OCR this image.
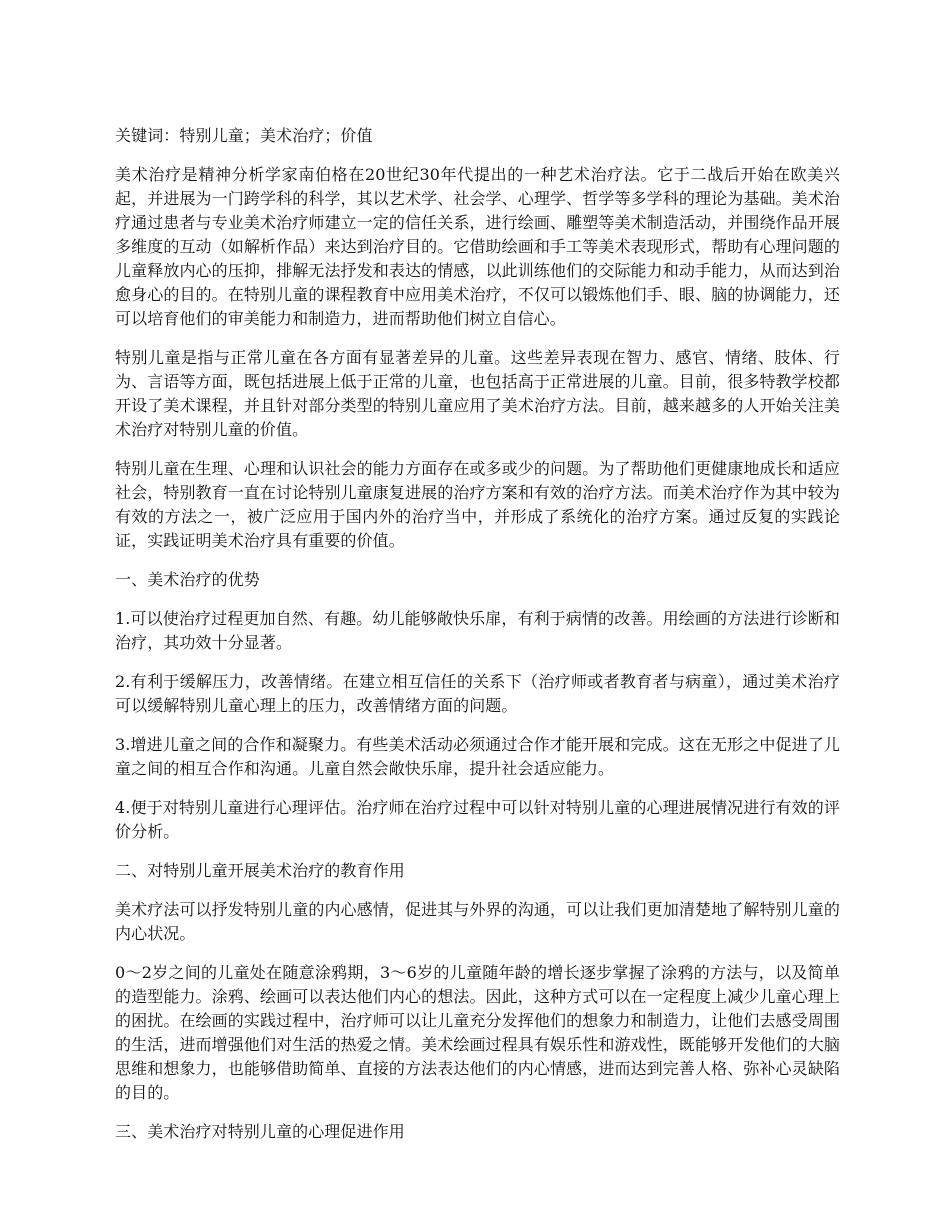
关键词：特别儿童；美术治疗；价值

美术治疗是精神分析学家南伯格在20世纪30年代提出的一种艺术治疗法。它于二战后开始在欧美兴起，并进展为一门跨学科的科学，其以艺术学、社会学、心理学、哲学等多学科的理论为基础。美术治疗通过患者与专业美术治疗师建立一定的信任关系，进行绘画、雕塑等美术制造活动，并围绕作品开展多维度的互动（如解析作品）来达到治疗目的。它借助绘画和手工等美术表现形式，帮助有心理问题的儿童释放内心的压抑，排解无法抒发和表达的情感，以此训练他们的交际能力和动手能力，从而达到治愈身心的目的。在特别儿童的课程教育中应用美术治疗，不仅可以锻炼他们手、眼、脑的协调能力，还可以培育他们的审美能力和制造力，进而帮助他们树立自信心。

特别儿童是指与正常儿童在各方面有显著差异的儿童。这些差异表现在智力、感官、情绪、肢体、行为、言语等方面，既包括进展上低于正常的儿童，也包括高于正常进展的儿童。目前，很多特教学校都开设了美术课程，并且针对部分类型的特别儿童应用了美术治疗方法。目前，越来越多的人开始关注美术治疗对特别儿童的价值。

特别儿童在生理、心理和认识社会的能力方面存在或多或少的问题。为了帮助他们更健康地成长和适应社会，特别教育一直在讨论特别儿童康复进展的治疗方案和有效的治疗方法。而美术治疗作为其中较为有效的方法之一，被广泛应用于国内外的治疗当中，并形成了系统化的治疗方案。通过反复的实践论证，实践证明美术治疗具有重要的价值。

一、美术治疗的优势

1.可以使治疗过程更加自然、有趣。幼儿能够敞快乐扉，有利于病情的改善。用绘画的方法进行诊断和治疗，其功效十分显著。

2.有利于缓解压力，改善情绪。在建立相互信任的关系下（治疗师或者教育者与病童），通过美术治疗可以缓解特别儿童心理上的压力，改善情绪方面的问题。

3.增进儿童之间的合作和凝聚力。有些美术活动必须通过合作才能开展和完成。这在无形之中促进了儿童之间的相互合作和沟通。儿童自然会敞快乐扉，提升社会适应能力。

4.便于对特别儿童进行心理评估。治疗师在治疗过程中可以针对特别儿童的心理进展情况进行有效的评价分析。

二、对特别儿童开展美术治疗的教育作用

美术疗法可以抒发特别儿童的内心感情，促进其与外界的沟通，可以让我们更加清楚地了解特别儿童的内心状况。

0～2岁之间的儿童处在随意涂鸦期，3～6岁的儿童随年龄的增长逐步掌握了涂鸦的方法与，以及简单的造型能力。涂鸦、绘画可以表达他们内心的想法。因此，这种方式可以在一定程度上减少儿童心理上的困扰。在绘画的实践过程中，治疗师可以让儿童充分发挥他们的想象力和制造力，让他们去感受周围的生活，进而增强他们对生活的热爱之情。美术绘画过程具有娱乐性和游戏性，既能够开发他们的大脑思维和想象力，也能够借助简单、直接的方法表达他们的内心情感，进而达到完善人格、弥补心灵缺陷的目的。

三、美术治疗对特别儿童的心理促进作用
